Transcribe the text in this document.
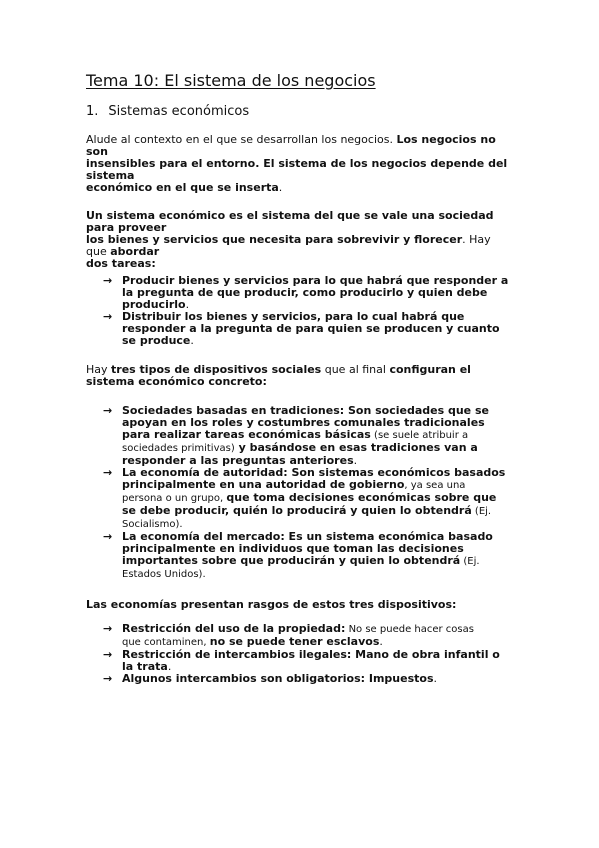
Tema 10: El sistema de los negocios
1. Sistemas económicos
Alude al contexto en el que se desarrollan los negocios. Los negocios no
son
insensibles para el entorno. El sistema de los negocios depende del
sistema
económico en el que se inserta.
Un sistema económico es el sistema del que se vale una sociedad
para proveer
los bienes y servicios que necesita para sobrevivir y florecer. Hay
que abordar
dos tareas:
→ Producir bienes y servicios para lo que habrá que responder a
la pregunta de que producir, como producirlo y quien debe
producirlo.
→ Distribuir los bienes y servicios, para lo cual habrá que
responder a la pregunta de para quien se producen y cuanto
se produce.
Hay tres tipos de dispositivos sociales que al final configuran el
sistema económico concreto:
→ Sociedades basadas en tradiciones: Son sociedades que se
apoyan en los roles y costumbres comunales tradicionales
para realizar tareas económicas básicas (se suele atribuir a
sociedades primitivas) y basándose en esas tradiciones van a
responder a las preguntas anteriores.
→ La economía de autoridad: Son sistemas económicos basados
principalmente en una autoridad de gobierno, ya sea una
persona o un grupo, que toma decisiones económicas sobre que
se debe producir, quién lo producirá y quien lo obtendrá (Ej.
Socialismo).
→ La economía del mercado: Es un sistema económica basado
principalmente en individuos que toman las decisiones
importantes sobre que producirán y quien lo obtendrá (Ej.
Estados Unidos).
Las economías presentan rasgos de estos tres dispositivos:
→ Restricción del uso de la propiedad: No se puede hacer cosas
que contaminen, no se puede tener esclavos.
→ Restricción de intercambios ilegales: Mano de obra infantil o
la trata.
→ Algunos intercambios son obligatorios: Impuestos.
